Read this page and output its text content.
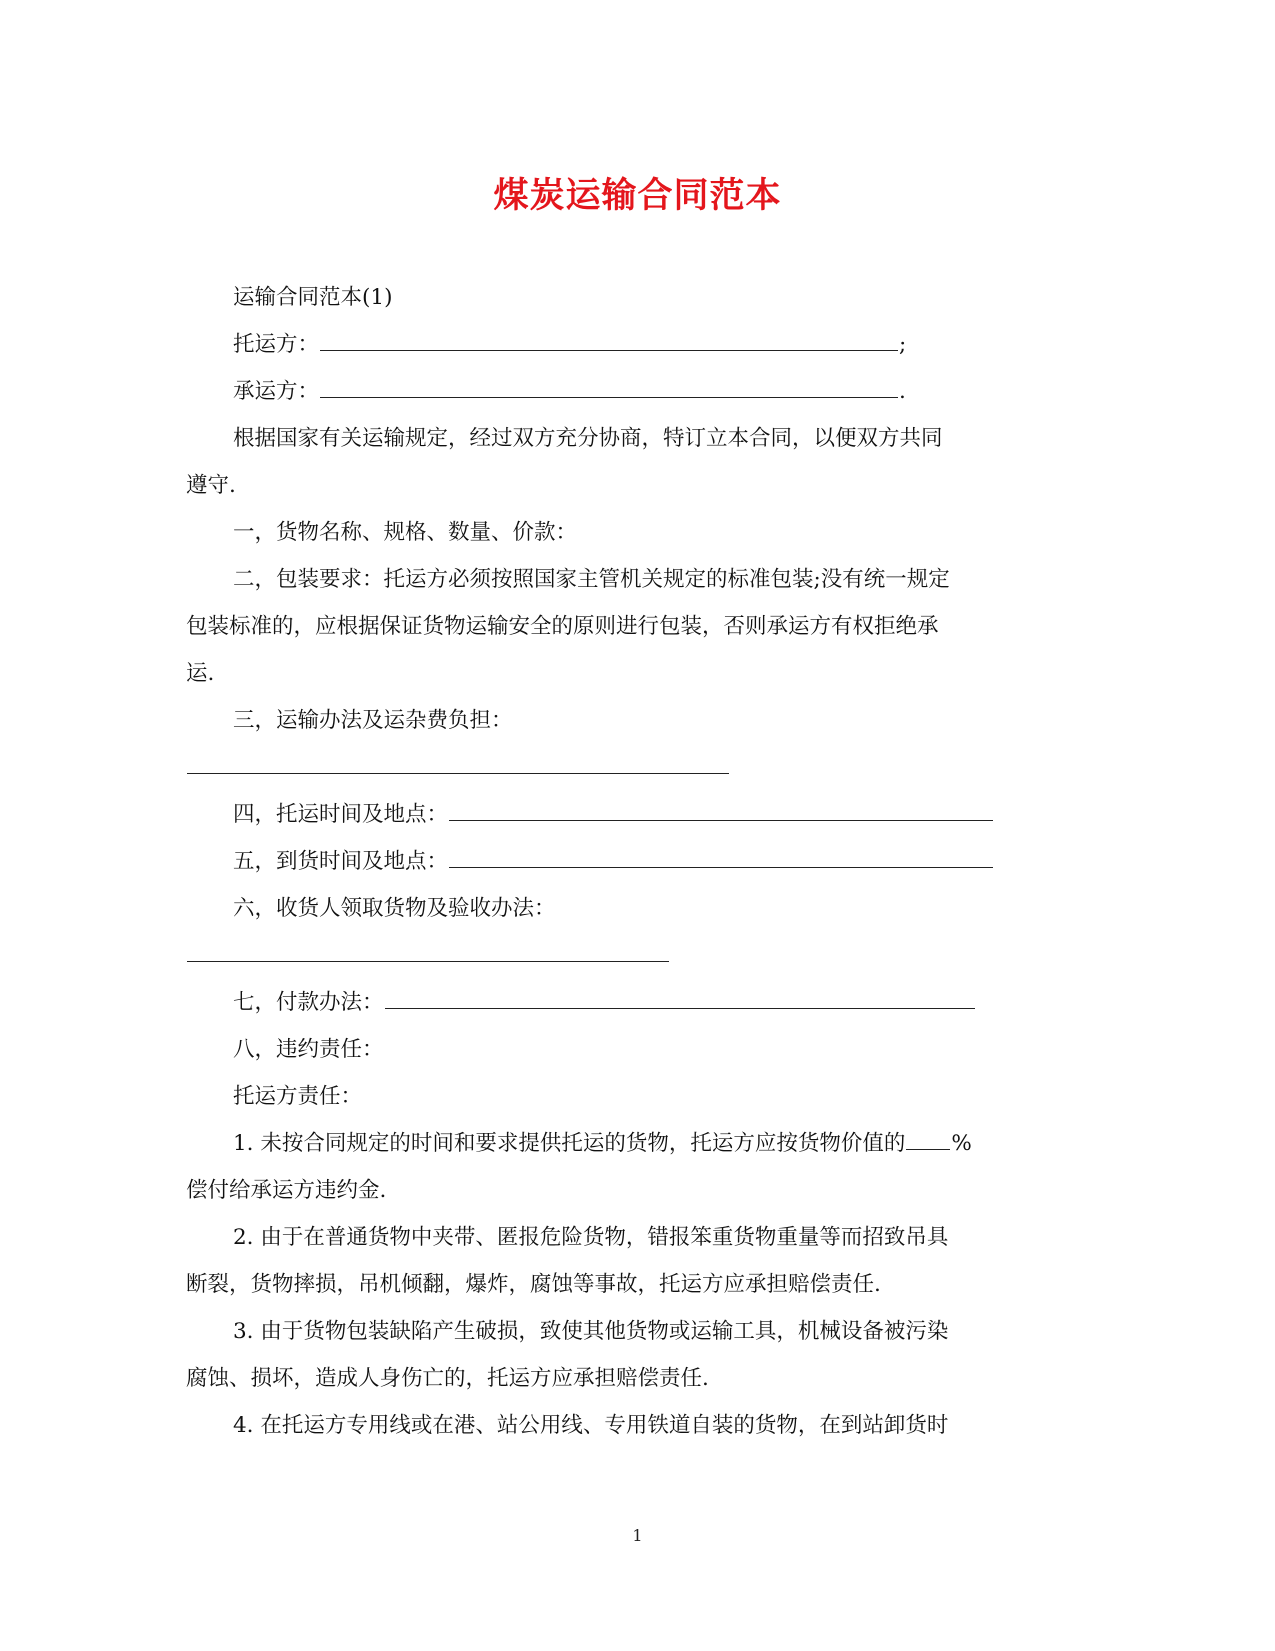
煤炭运输合同范本

运输合同范本(1)

托运方：	;

承运方：	.

根据国家有关运输规定，经过双方充分协商，特订立本合同，以便双方共同

遵守.

一，货物名称、规格、数量、价款：

二，包装要求：托运方必须按照国家主管机关规定的标准包装;没有统一规定

包装标准的，应根据保证货物运输安全的原则进行包装，否则承运方有权拒绝承

运.

三，运输办法及运杂费负担：

四，托运时间及地点：

五，到货时间及地点：

六，收货人领取货物及验收办法：

七，付款办法：

八，违约责任：

托运方责任：

1. 未按合同规定的时间和要求提供托运的货物，托运方应按货物价值的 %

偿付给承运方违约金.

2. 由于在普通货物中夹带、匿报危险货物，错报笨重货物重量等而招致吊具

断裂，货物摔损，吊机倾翻，爆炸，腐蚀等事故，托运方应承担赔偿责任.

3. 由于货物包装缺陷产生破损，致使其他货物或运输工具，机械设备被污染

腐蚀、损坏，造成人身伤亡的，托运方应承担赔偿责任.

4. 在托运方专用线或在港、站公用线、专用铁道自装的货物，在到站卸货时

1
